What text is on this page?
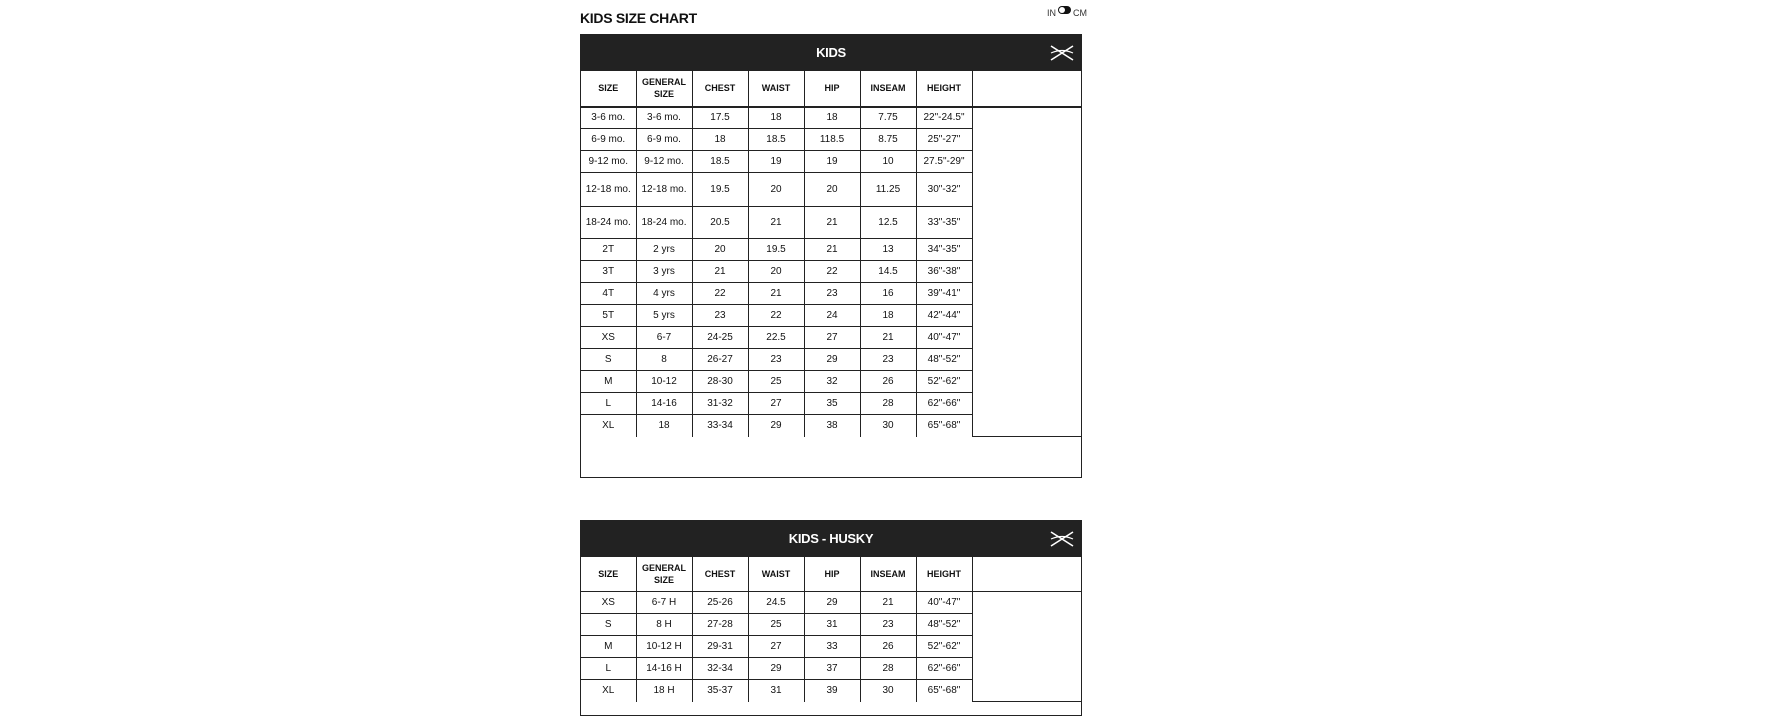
KIDS SIZE CHART	IN CM
KIDS
SIZE	GENERAL SIZE	CHEST	WAIST	HIP	INSEAM	HEIGHT	
3-6 mo.	3-6 mo.	17.5	18	18	7.75	22"-24.5"	
6-9 mo.	6-9 mo.	18	18.5	118.5	8.75	25"-27"	
9-12 mo.	9-12 mo.	18.5	19	19	10	27.5"-29"	
12-18 mo.	12-18 mo.	19.5	20	20	11.25	30"-32"	
18-24 mo.	18-24 mo.	20.5	21	21	12.5	33"-35"	
2T	2 yrs	20	19.5	21	13	34"-35"	
3T	3 yrs	21	20	22	14.5	36"-38"	
4T	4 yrs	22	21	23	16	39"-41"	
5T	5 yrs	23	22	24	18	42"-44"	
XS	6-7	24-25	22.5	27	21	40"-47"	
S	8	26-27	23	29	23	48"-52"	
M	10-12	28-30	25	32	26	52"-62"	
L	14-16	31-32	27	35	28	62"-66"	
XL	18	33-34	29	38	30	65"-68"	
KIDS - HUSKY
SIZE	GENERAL SIZE	CHEST	WAIST	HIP	INSEAM	HEIGHT	
XS	6-7 H	25-26	24.5	29	21	40"-47"	
S	8 H	27-28	25	31	23	48"-52"	
M	10-12 H	29-31	27	33	26	52"-62"	
L	14-16 H	32-34	29	37	28	62"-66"	
XL	18 H	35-37	31	39	30	65"-68"	
